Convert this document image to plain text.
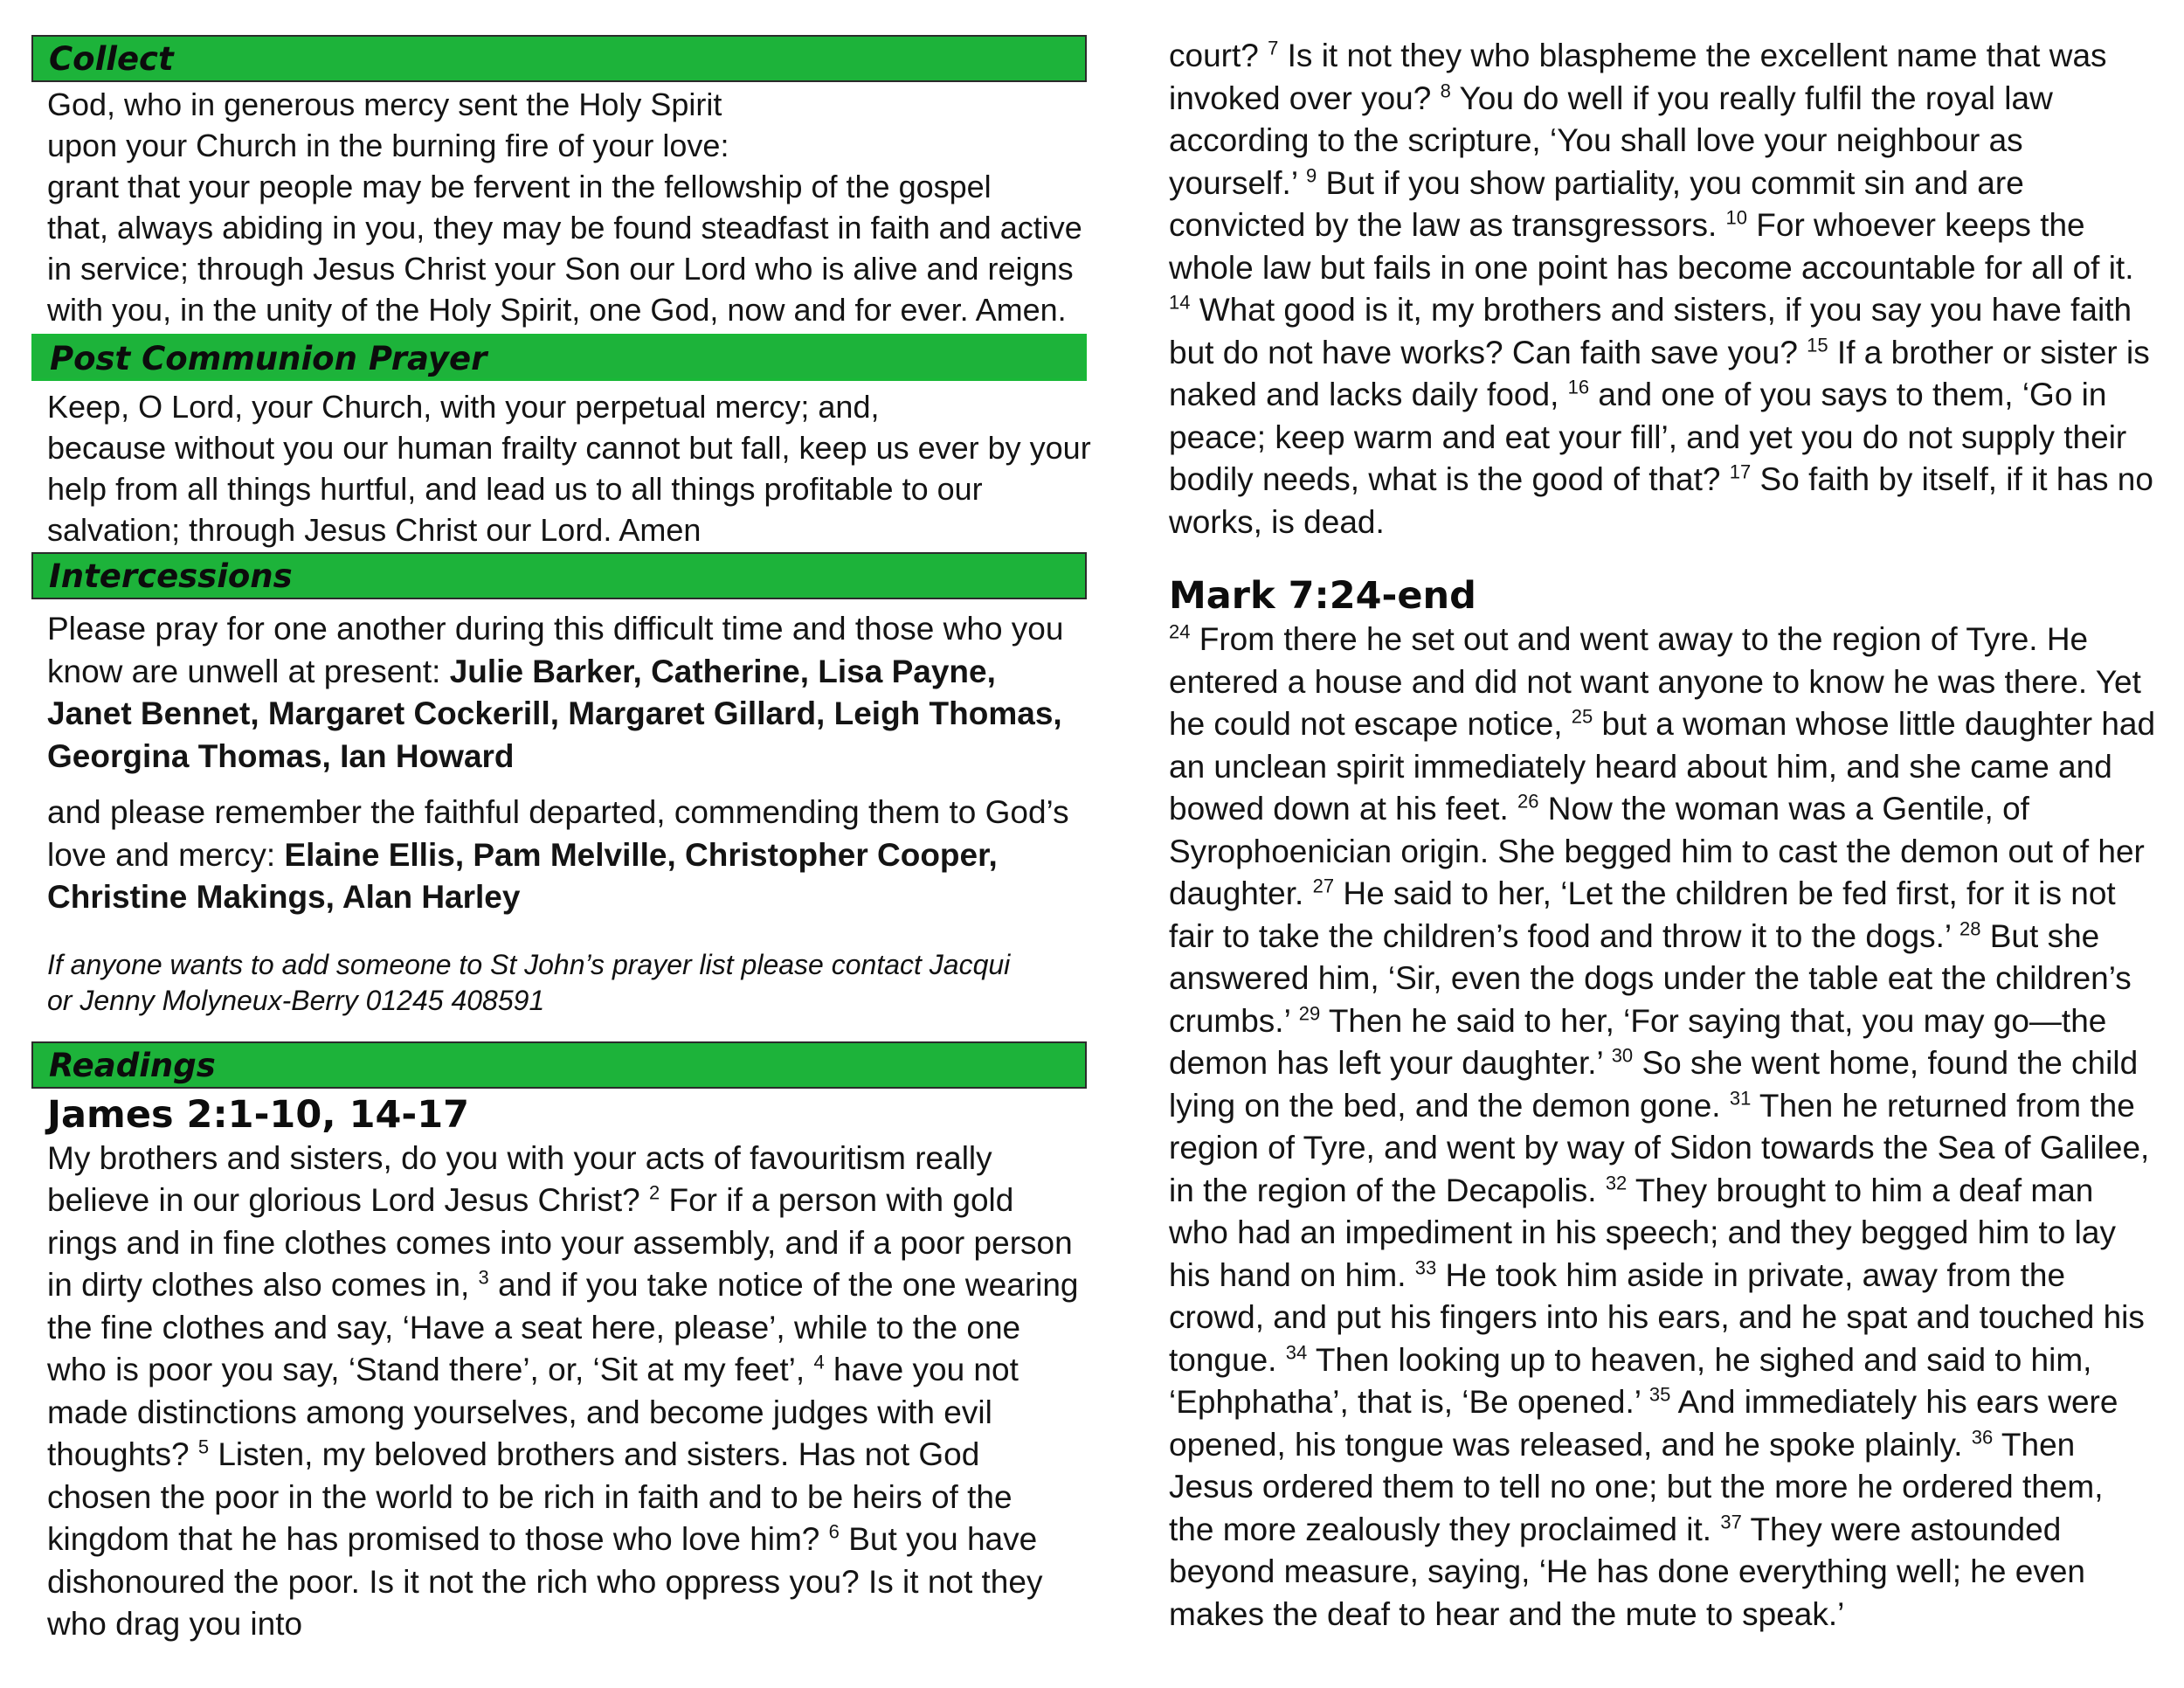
Collect
God, who in generous mercy sent the Holy Spirit
upon your Church in the burning fire of your love:
grant that your people may be fervent in the fellowship of the gospel
that, always abiding in you, they may be found steadfast in faith and active
in service; through Jesus Christ your Son our Lord who is alive and reigns
with you, in the unity of the Holy Spirit, one God, now and for ever. Amen.
Post Communion Prayer
Keep, O Lord, your Church, with your perpetual mercy; and,
because without you our human frailty cannot but fall, keep us ever by your
help from all things hurtful, and lead us to all things profitable to our
salvation; through Jesus Christ our Lord. Amen
Intercessions
Please pray for one another during this difficult time and those who you know are unwell at present: Julie Barker, Catherine, Lisa Payne, Janet Bennet, Margaret Cockerill, Margaret Gillard, Leigh Thomas, Georgina Thomas, Ian Howard
and please remember the faithful departed, commending them to God’s love and mercy: Elaine Ellis, Pam Melville, Christopher Cooper, Christine Makings, Alan Harley
If anyone wants to add someone to St John’s prayer list please contact Jacqui or Jenny Molyneux-Berry 01245 408591
Readings
James 2:1-10, 14-17
My brothers and sisters, do you with your acts of favouritism really believe in our glorious Lord Jesus Christ? $^2$ For if a person with gold rings and in fine clothes comes into your assembly, and if a poor person in dirty clothes also comes in, $^3$ and if you take notice of the one wearing the fine clothes and say, ‘Have a seat here, please’, while to the one who is poor you say, ‘Stand there’, or, ‘Sit at my feet’, $^4$ have you not made distinctions among yourselves, and become judges with evil thoughts? $^5$ Listen, my beloved brothers and sisters. Has not God chosen the poor in the world to be rich in faith and to be heirs of the kingdom that he has promised to those who love him? $^6$ But you have dishonoured the poor. Is it not the rich who oppress you? Is it not they who drag you into
court? $^7$ Is it not they who blaspheme the excellent name that was invoked over you? $^8$ You do well if you really fulfil the royal law according to the scripture, ‘You shall love your neighbour as yourself.’ $^9$ But if you show partiality, you commit sin and are convicted by the law as transgressors. $^{10}$ For whoever keeps the whole law but fails in one point has become accountable for all of it.
$^{14}$ What good is it, my brothers and sisters, if you say you have faith but do not have works? Can faith save you? $^{15}$ If a brother or sister is naked and lacks daily food, $^{16}$ and one of you says to them, ‘Go in peace; keep warm and eat your fill’, and yet you do not supply their bodily needs, what is the good of that? $^{17}$ So faith by itself, if it has no works, is dead.
Mark 7:24-end
$^{24}$ From there he set out and went away to the region of Tyre. He entered a house and did not want anyone to know he was there. Yet he could not escape notice, $^{25}$ but a woman whose little daughter had an unclean spirit immediately heard about him, and she came and bowed down at his feet. $^{26}$ Now the woman was a Gentile, of Syrophoenician origin. She begged him to cast the demon out of her daughter. $^{27}$ He said to her, ‘Let the children be fed first, for it is not fair to take the children’s food and throw it to the dogs.’ $^{28}$ But she answered him, ‘Sir, even the dogs under the table eat the children’s crumbs.’ $^{29}$ Then he said to her, ‘For saying that, you may go—the demon has left your daughter.’ $^{30}$ So she went home, found the child lying on the bed, and the demon gone. $^{31}$ Then he returned from the region of Tyre, and went by way of Sidon towards the Sea of Galilee, in the region of the Decapolis. $^{32}$ They brought to him a deaf man who had an impediment in his speech; and they begged him to lay his hand on him. $^{33}$ He took him aside in private, away from the crowd, and put his fingers into his ears, and he spat and touched his tongue. $^{34}$ Then looking up to heaven, he sighed and said to him, ‘Ephphatha’, that is, ‘Be opened.’ $^{35}$ And immediately his ears were opened, his tongue was released, and he spoke plainly. $^{36}$ Then Jesus ordered them to tell no one; but the more he ordered them, the more zealously they proclaimed it. $^{37}$ They were astounded beyond measure, saying, ‘He has done everything well; he even makes the deaf to hear and the mute to speak.’
